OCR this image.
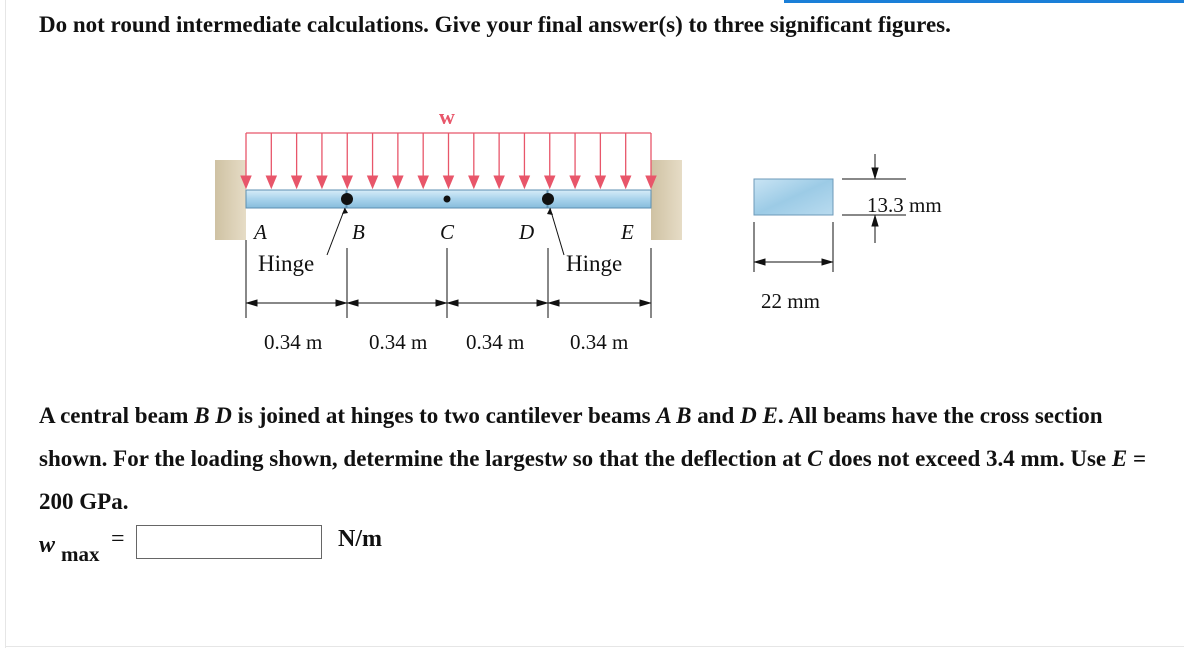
Do not round intermediate calculations. Give your final answer(s) to three significant figures.
w
A	B	C	D	E
Hinge	Hinge
0.34 m 0.34 m 0.34 m 0.34 m
22 mm
13.3 mm
A central beam B D is joined at hinges to two cantilever beams A B and D E. All beams have the cross section shown. For the loading shown, determine the largestw so that the deflection at C does not exceed 3.4 mm. Use E = 200 GPa.
w max
=	N/m
